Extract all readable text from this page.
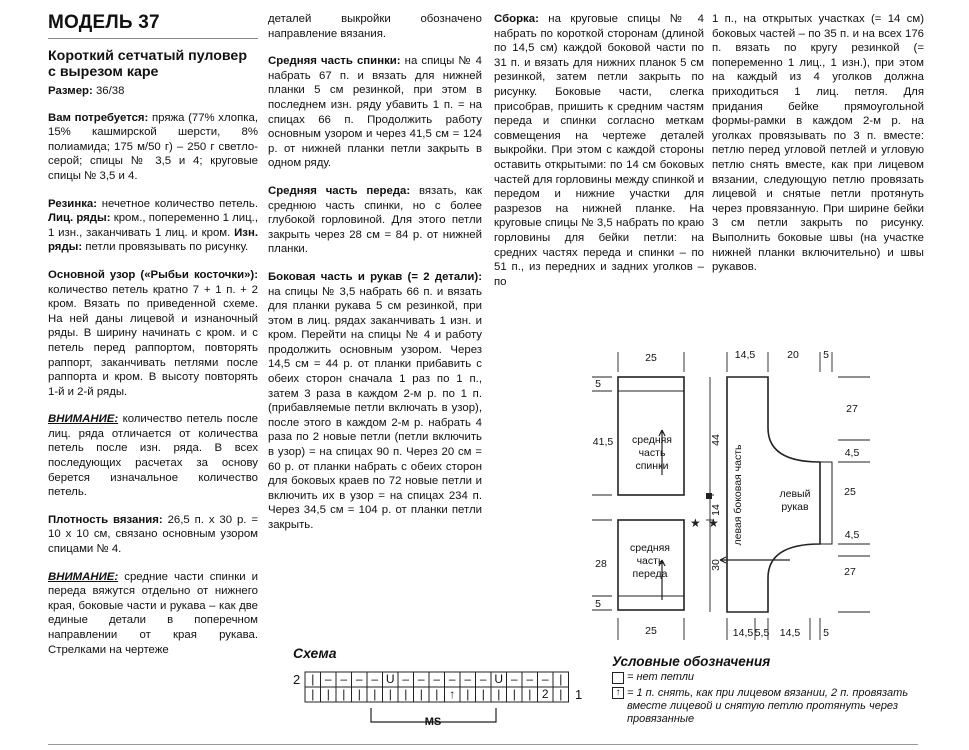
МОДЕЛЬ 37
Короткий сетчатый пуловер с вырезом каре
Размер: 36/38

Вам потребуется: пряжа (77% хлопка, 15% кашмирской шерсти, 8% полиамида; 175 м/50 г) – 250 г светло-серой; спицы № 3,5 и 4; круговые спицы № 3,5 и 4.

Резинка: нечетное количество петель. Лиц. ряды: кром., попеременно 1 лиц., 1 изн., заканчивать 1 лиц. и кром. Изн. ряды: петли провязывать по рисунку.

Основной узор («Рыбьи косточки»): количество петель кратно 7 + 1 п. + 2 кром. Вязать по приведенной схеме. На ней даны лицевой и изнаночный ряды. В ширину начинать с кром. и с петель перед раппортом, повторять раппорт, заканчивать петлями после раппорта и кром. В высоту повторять 1-й и 2-й ряды.

ВНИМАНИЕ: количество петель после лиц. ряда отличается от количества петель после изн. ряда. В всех последующих расчетах за основу берется изначальное количество петель.

Плотность вязания: 26,5 п. х 30 р. = 10 х 10 см, связано основным узором спицами № 4.

ВНИМАНИЕ: средние части спинки и переда вяжутся отдельно от нижнего края, боковые части и рукава – как две единые детали в поперечном направлении от края рукава. Стрелками на чертеже

деталей выкройки обозначено направление вязания.

Средняя часть спинки: на спицы № 4 набрать 67 п. и вязать для нижней планки 5 см резинкой, при этом в последнем изн. ряду убавить 1 п. = на спицах 66 п. Продолжить работу основным узором и через 41,5 см = 124 р. от нижней планки петли закрыть в одном ряду.

Средняя часть переда: вязать, как среднюю часть спинки, но с более глубокой горловиной. Для этого петли закрыть через 28 см = 84 р. от нижней планки.

Боковая часть и рукав (= 2 детали): на спицы № 3,5 набрать 66 п. и вязать для планки рукава 5 см резинкой, при этом в лиц. рядах заканчивать 1 изн. и кром. Перейти на спицы № 4 и работу продолжить основным узором. Через 14,5 см = 44 р. от планки прибавить с обеих сторон сначала 1 раз по 1 п., затем 3 раза в каждом 2-м р. по 1 п. (прибавляемые петли включать в узор), после этого в каждом 2-м р. набрать 4 раза по 2 новые петли (петли включить в узор) = на спицах 90 п. Через 20 см = 60 р. от планки набрать с обеих сторон для боковых краев по 72 новые петли и включить их в узор = на спицах 234 п. Через 34,5 см = 104 р. от планки петли закрыть.

Сборка: на круговые спицы № 4 набрать по короткой сторонам (длиной по 14,5 см) каждой боковой части по 31 п. и вязать для нижних планок 5 см резинкой, затем петли закрыть по рисунку. Боковые части, слегка присобрав, пришить к средним частям переда и спинки согласно меткам совмещения на чертеже деталей выкройки. При этом с каждой стороны оставить открытыми: по 14 см боковых частей для горловины между спинкой и передом и нижние участки для разрезов на нижней планке. На круговые спицы № 3,5 набрать по краю горловины для бейки петли: на средних частях переда и спинки – по 51 п., из передних и задних уголков – по

1 п., на открытых участках (= 14 см) боковых частей – по 35 п. и на всех 176 п. вязать по кругу резинкой (= попеременно 1 лиц., 1 изн.), при этом на каждый из 4 уголков должна приходиться 1 лиц. петля. Для придания бейке прямоугольной формы-рамки в каждом 2-м р. на уголках провязывать по 3 п. вместе: петлю перед угловой петлей и угловую петлю снять вместе, как при лицевом вязании, следующую петлю провязать лицевой и снятые петли протянуть через провязанную. При ширине бейки 3 см петли закрыть по рисунку. Выполнить боковые швы (на участке нижней планки включительно) и швы рукавов.

★ ★
средняя
часть
спинки
средняя
часть
переда
левая боковая часть	левый
рукав
25
25
5
41,5
28
5
14,5	20 5
14,5 5,5 14,5 5
44
14
30
27
4,5
25
4,5
27
Схема
|
|
–
|
–
|
–
|
–
|
U
|
–
|
–
|
–
|
–
↑
–
|
–
|
U
|
–
|
–
|
–
2
|
|
2
1
MS
Условные обозначения
= нет петли
↑ = 1 п. снять, как при лицевом вязании, 2 п. провязать
вместе лицевой и снятую петлю протянуть через
провязанные
